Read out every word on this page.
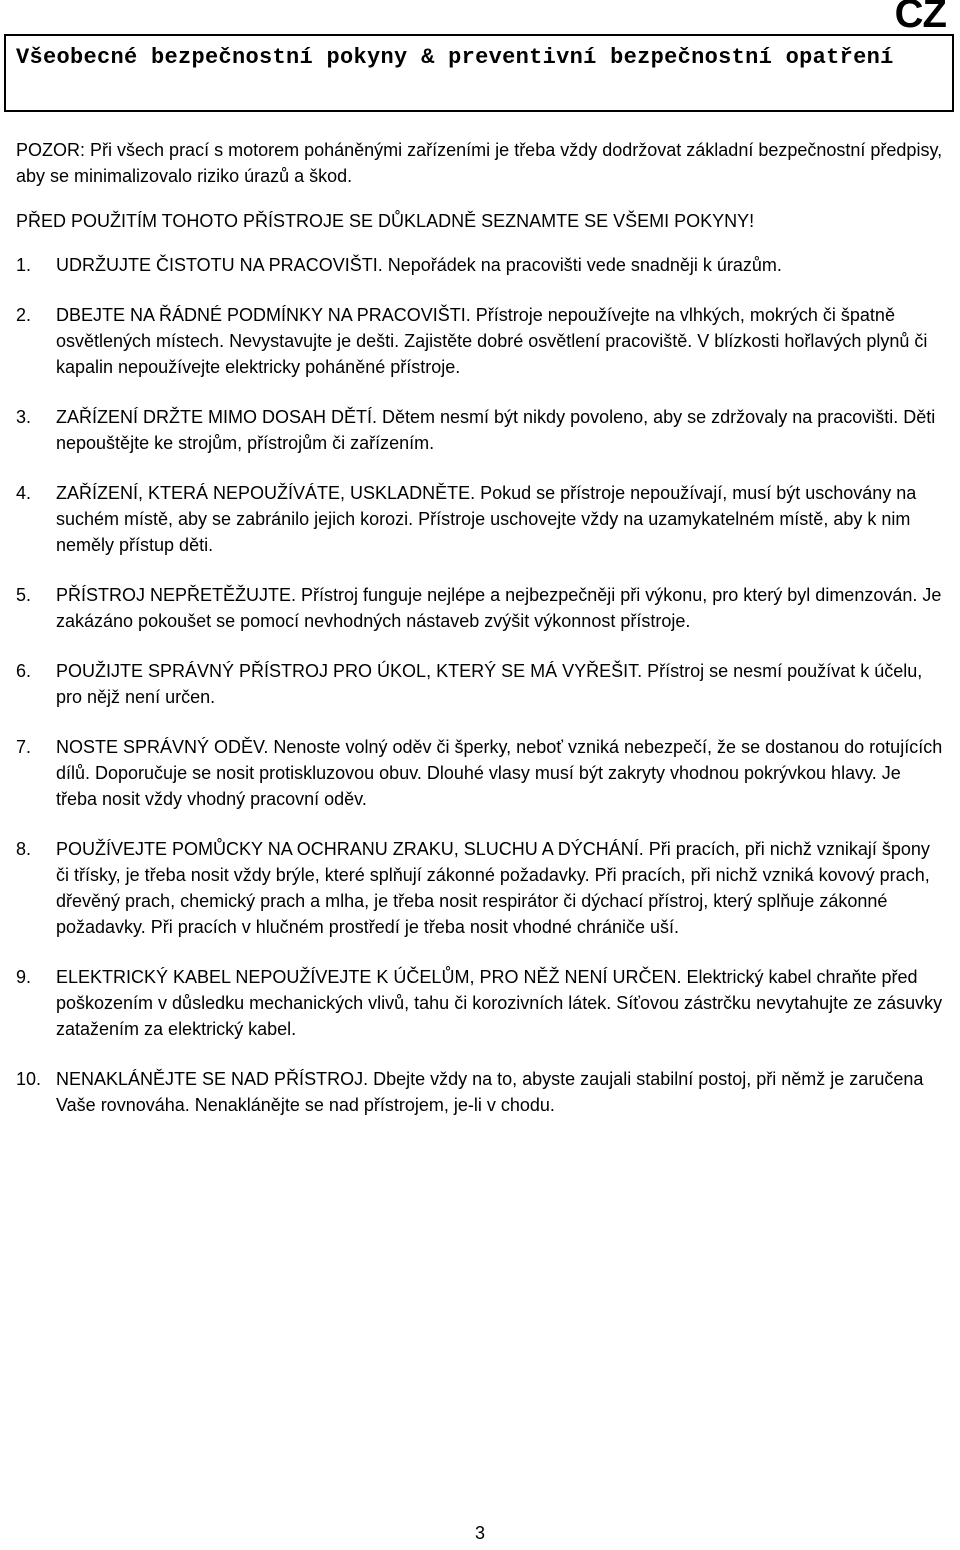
CZ
Všeobecné bezpečnostní pokyny & preventivní bezpečnostní opatření

POZOR: Při všech prací s motorem poháněnými zařízeními je třeba vždy dodržovat základní bezpečnostní předpisy, aby se minimalizovalo riziko úrazů a škod.

PŘED POUŽITÍM TOHOTO PŘÍSTROJE SE DŮKLADNĚ SEZNAMTE SE VŠEMI POKYNY!

1.	UDRŽUJTE ČISTOTU NA PRACOVIŠTI. Nepořádek na pracovišti vede snadněji k úrazům.
2.	DBEJTE NA ŘÁDNÉ PODMÍNKY NA PRACOVIŠTI. Přístroje nepoužívejte na vlhkých, mokrých či špatně osvětlených místech. Nevystavujte je dešti. Zajistěte dobré osvětlení pracoviště. V blízkosti hořlavých plynů či kapalin nepoužívejte elektricky poháněné přístroje.
3.	ZAŘÍZENÍ DRŽTE MIMO DOSAH DĚTÍ. Dětem nesmí být nikdy povoleno, aby se zdržovaly na pracovišti. Děti nepouštějte ke strojům, přístrojům či zařízením.
4.	ZAŘÍZENÍ, KTERÁ NEPOUŽÍVÁTE, USKLADNĚTE. Pokud se přístroje nepoužívají, musí být uschovány na suchém místě, aby se zabránilo jejich korozi. Přístroje uschovejte vždy na uzamykatelném místě, aby k nim neměly přístup děti.
5.	PŘÍSTROJ NEPŘETĚŽUJTE. Přístroj funguje nejlépe a nejbezpečněji při výkonu, pro který byl dimenzován. Je zakázáno pokoušet se pomocí nevhodných nástaveb zvýšit výkonnost přístroje.
6.	POUŽIJTE SPRÁVNÝ PŘÍSTROJ PRO ÚKOL, KTERÝ SE MÁ VYŘEŠIT. Přístroj se nesmí používat k účelu, pro nějž není určen.
7.	NOSTE SPRÁVNÝ ODĚV. Nenoste volný oděv či šperky, neboť vzniká nebezpečí, že se dostanou do rotujících dílů. Doporučuje se nosit protiskluzovou obuv. Dlouhé vlasy musí být zakryty vhodnou pokrývkou hlavy. Je třeba nosit vždy vhodný pracovní oděv.
8.	POUŽÍVEJTE POMŮCKY NA OCHRANU ZRAKU, SLUCHU A DÝCHÁNÍ. Při pracích, při nichž vznikají špony či třísky, je třeba nosit vždy brýle, které splňují zákonné požadavky. Při pracích, při nichž vzniká kovový prach, dřevěný prach, chemický prach a mlha, je třeba nosit respirátor či dýchací přístroj, který splňuje zákonné požadavky. Při pracích v hlučném prostředí je třeba nosit vhodné chrániče uší.
9.	ELEKTRICKÝ KABEL NEPOUŽÍVEJTE K ÚČELŮM, PRO NĚŽ NENÍ URČEN. Elektrický kabel chraňte před poškozením v důsledku mechanických vlivů, tahu či korozivních látek. Síťovou zástrčku nevytahujte ze zásuvky zatažením za elektrický kabel.
10. NENAKLÁNĚJTE SE NAD PŘÍSTROJ. Dbejte vždy na to, abyste zaujali stabilní postoj, při němž je zaručena Vaše rovnováha. Nenaklánějte se nad přístrojem, je-li v chodu.
3
